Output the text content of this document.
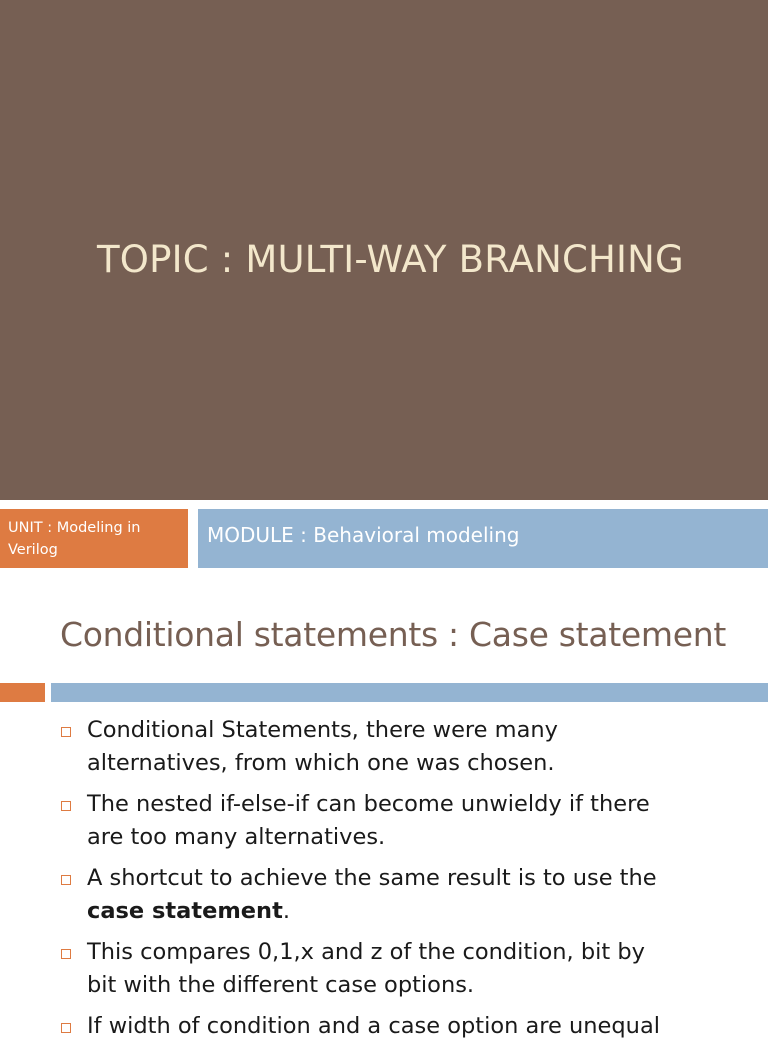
TOPIC : MULTI-WAY BRANCHING
UNIT : Modeling in Verilog
MODULE : Behavioral modeling
Conditional statements : Case statement
Conditional Statements, there were many
alternatives, from which one was chosen.
The nested if-else-if can become unwieldy if there
are too many alternatives.
A shortcut to achieve the same result is to use the
case statement.
This compares 0,1,x and z of the condition, bit by
bit with the different case options.
If width of condition and a case option are unequal
